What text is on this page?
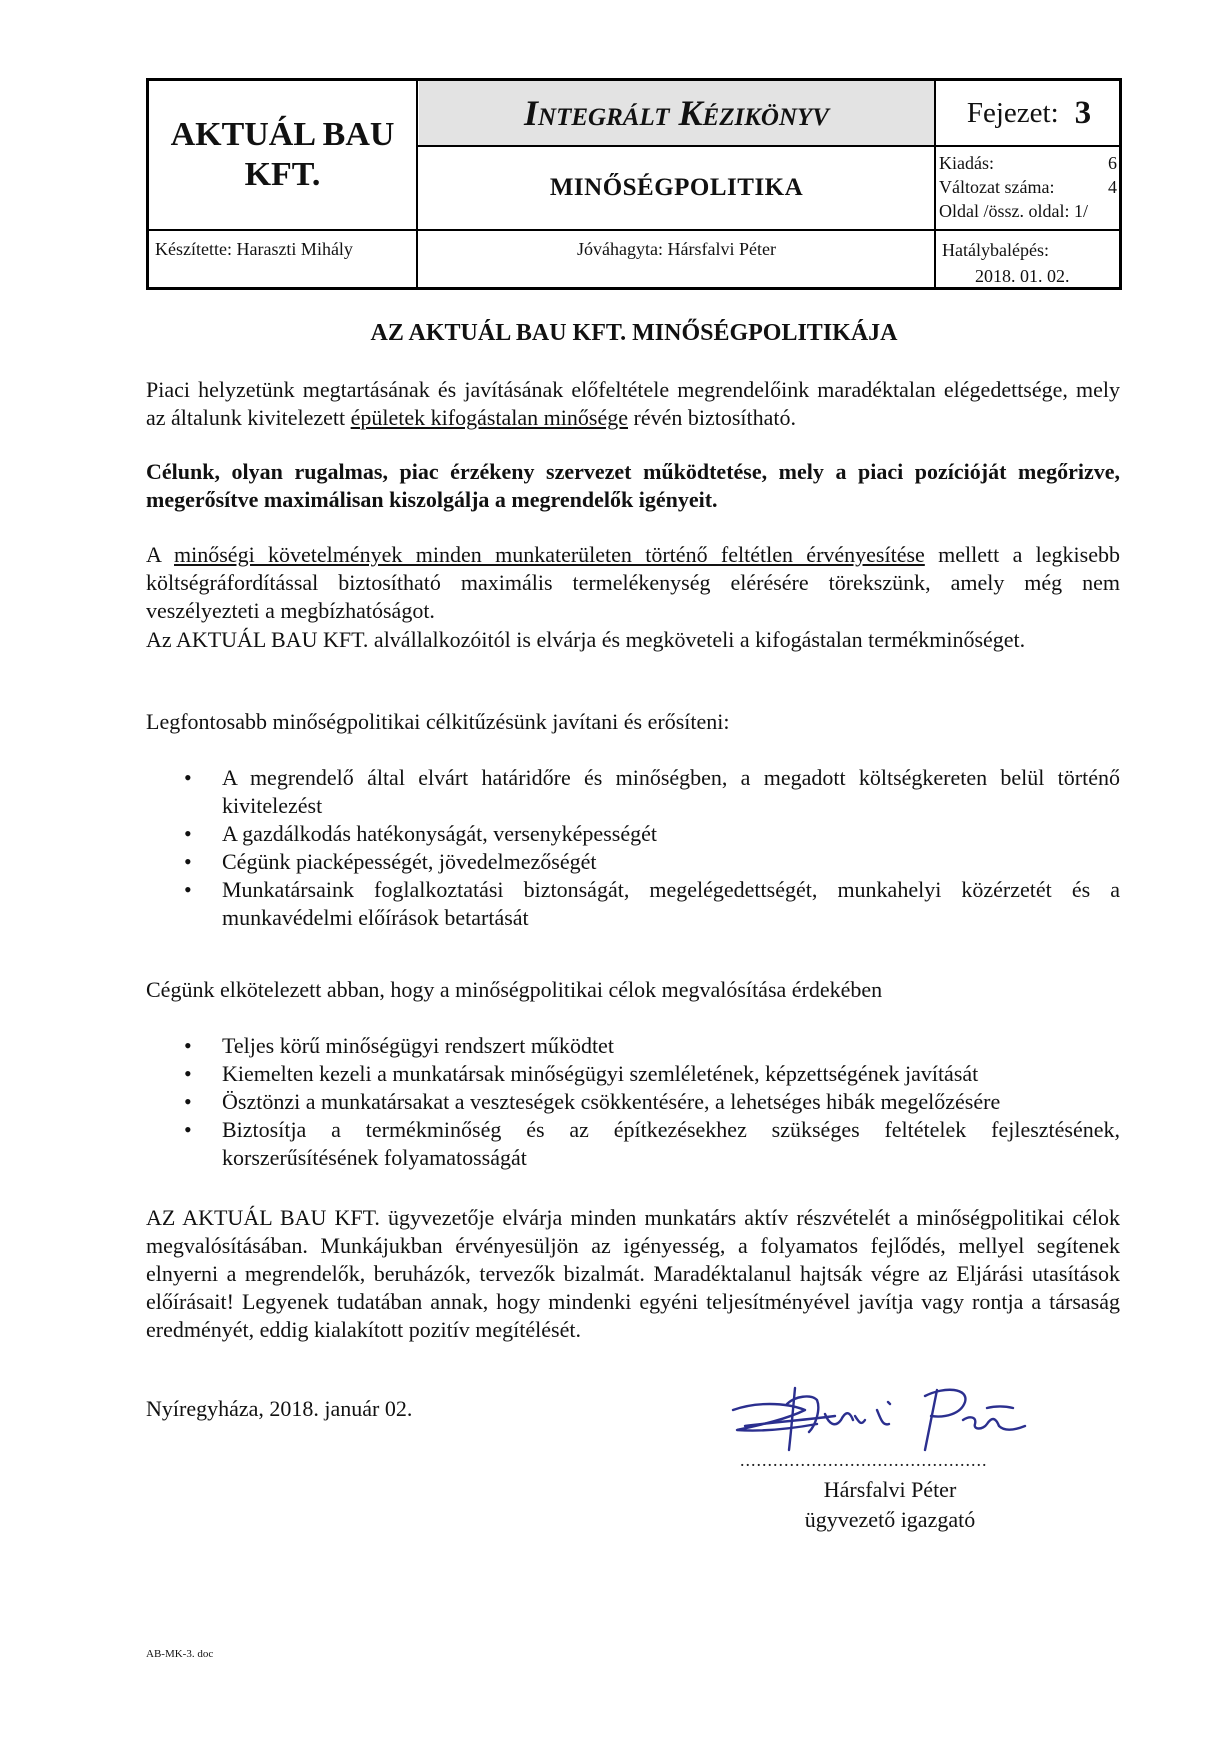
AKTUÁL BAU
KFT.
Integrált
Kézikönyv
MINŐSÉGPOLITIKA
Fejezet: 3
Kiadás:	6
Változat száma:	4
Oldal /össz. oldal: 1/
Készítette: Haraszti Mihály	Jóváhagyta: Hársfalvi Péter	Hatálybalépés:
2018. 01. 02.
AZ AKTUÁL BAU KFT. MINŐSÉGPOLITIKÁJA
Piaci helyzetünk megtartásának és javításának előfeltétele megrendelőink maradéktalan elégedettsége, mely az általunk kivitelezett épületek kifogástalan minősége révén biztosítható.
Célunk, olyan rugalmas, piac érzékeny szervezet működtetése, mely a piaci pozícióját megőrizve, megerősítve maximálisan kiszolgálja a megrendelők igényeit.
A minőségi követelmények minden munkaterületen történő feltétlen érvényesítése mellett a legkisebb költségráfordítással biztosítható maximális termelékenység elérésére törekszünk, amely még nem veszélyezteti a megbízhatóságot.
Az AKTUÁL BAU KFT. alvállalkozóitól is elvárja és megköveteli a kifogástalan termékminőséget.
Legfontosabb minőségpolitikai célkitűzésünk javítani és erősíteni:
• A megrendelő által elvárt határidőre és minőségben, a megadott költségkereten belül történő kivitelezést
• A gazdálkodás hatékonyságát, versenyképességét
• Cégünk piacképességét, jövedelmezőségét
• Munkatársaink foglalkoztatási biztonságát, megelégedettségét, munkahelyi közérzetét és a munkavédelmi előírások betartását
Cégünk elkötelezett abban, hogy a minőségpolitikai célok megvalósítása érdekében
• Teljes körű minőségügyi rendszert működtet
• Kiemelten kezeli a munkatársak minőségügyi szemléletének, képzettségének javítását
• Ösztönzi a munkatársakat a veszteségek csökkentésére, a lehetséges hibák megelőzésére
• Biztosítja a termékminőség és az építkezésekhez szükséges feltételek fejlesztésének, korszerűsítésének folyamatosságát
AZ AKTUÁL BAU KFT. ügyvezetője elvárja minden munkatárs aktív részvételét a minőségpolitikai célok megvalósításában. Munkájukban érvényesüljön az igényesség, a folyamatos fejlődés, mellyel segítenek elnyerni a megrendelők, beruházók, tervezők bizalmát. Maradéktalanul hajtsák végre az Eljárási utasítások előírásait! Legyenek tudatában annak, hogy mindenki egyéni teljesítményével javítja vagy rontja a társaság eredményét, eddig kialakított pozitív megítélését.
Nyíregyháza, 2018. január 02.
.............................................
Hársfalvi Péter
ügyvezető igazgató
AB-MK-3. doc
